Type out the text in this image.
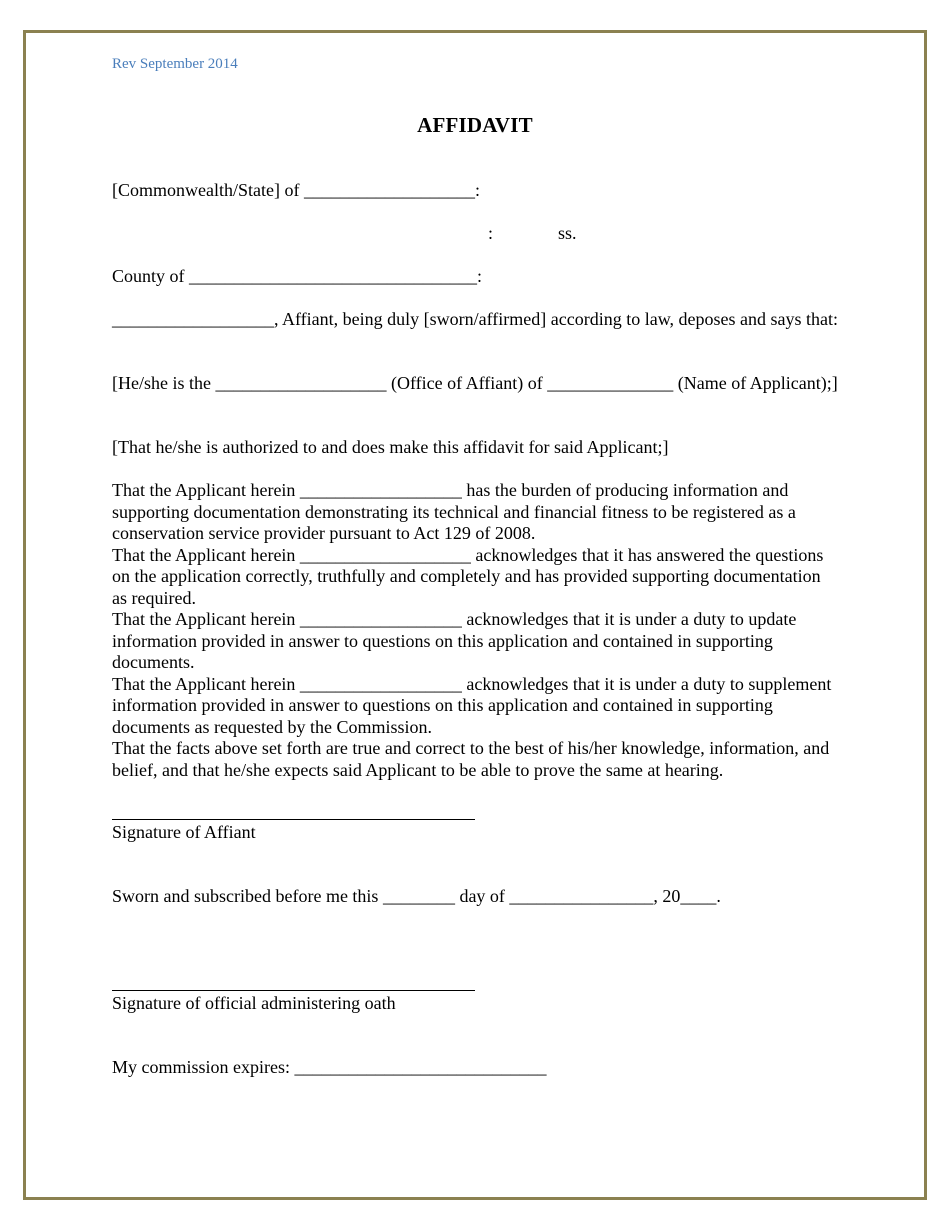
Rev September 2014
AFFIDAVIT
[Commonwealth/State] of ___________________:
:	ss.
County of ________________________________:

__________________, Affiant, being duly [sworn/affirmed] according to law, deposes and says that:

[He/she is the ___________________ (Office of Affiant) of ______________ (Name of Applicant);]

[That he/she is authorized to and does make this affidavit for said Applicant;]

That the Applicant herein __________________ has the burden of producing information and supporting documentation demonstrating its technical and financial fitness to be registered as a conservation service provider pursuant to Act 129 of 2008.

That the Applicant herein ___________________ acknowledges that it has answered the questions on the application correctly, truthfully and completely and has provided supporting documentation as required.

That the Applicant herein __________________ acknowledges that it is under a duty to update information provided in answer to questions on this application and contained in supporting documents.

That the Applicant herein __________________ acknowledges that it is under a duty to supplement information provided in answer to questions on this application and contained in supporting documents as requested by the Commission.

That the facts above set forth are true and correct to the best of his/her knowledge, information, and belief, and that he/she expects said Applicant to be able to prove the same at hearing.

Signature of Affiant
Sworn and subscribed before me this ________ day of ________________, 20____.
Signature of official administering oath
My commission expires: ____________________________
